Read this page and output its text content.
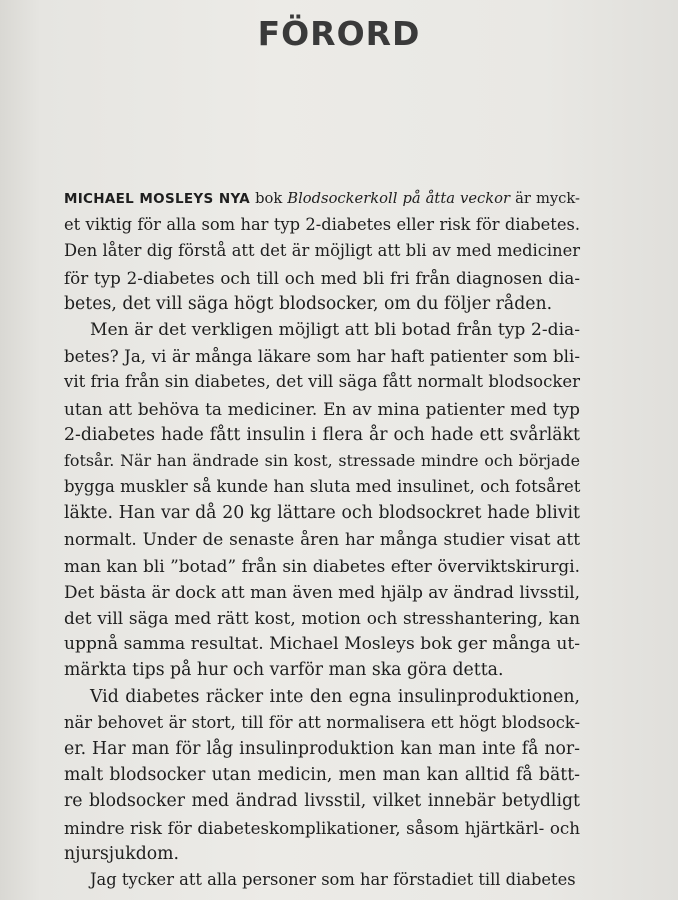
FÖRORD
MICHAEL MOSLEYS NYA bok Blodsockerkoll på åtta veckor är myck-
et viktig för alla som har typ 2-diabetes eller risk för diabetes.
Den låter dig förstå att det är möjligt att bli av med mediciner
för typ 2-diabetes och till och med bli fri från diagnosen dia-
betes, det vill säga högt blodsocker, om du följer råden.
Men är det verkligen möjligt att bli botad från typ 2-dia-
betes? Ja, vi är många läkare som har haft patienter som bli-
vit fria från sin diabetes, det vill säga fått normalt blodsocker
utan att behöva ta mediciner. En av mina patienter med typ
2-diabetes hade fått insulin i flera år och hade ett svårläkt
fotsår. När han ändrade sin kost, stressade mindre och började
bygga muskler så kunde han sluta med insulinet, och fotsåret
läkte. Han var då 20 kg lättare och blodsockret hade blivit
normalt. Under de senaste åren har många studier visat att
man kan bli ”botad” från sin diabetes efter överviktskirurgi.
Det bästa är dock att man även med hjälp av ändrad livsstil,
det vill säga med rätt kost, motion och stresshantering, kan
uppnå samma resultat. Michael Mosleys bok ger många ut-
märkta tips på hur och varför man ska göra detta.
Vid diabetes räcker inte den egna insulinproduktionen,
när behovet är stort, till för att normalisera ett högt blodsock-
er. Har man för låg insulinproduktion kan man inte få nor-
malt blodsocker utan medicin, men man kan alltid få bätt-
re blodsocker med ändrad livsstil, vilket innebär betydligt
mindre risk för diabeteskomplikationer, såsom hjärtkärl- och
njursjukdom.
Jag tycker att alla personer som har förstadiet till diabetes
